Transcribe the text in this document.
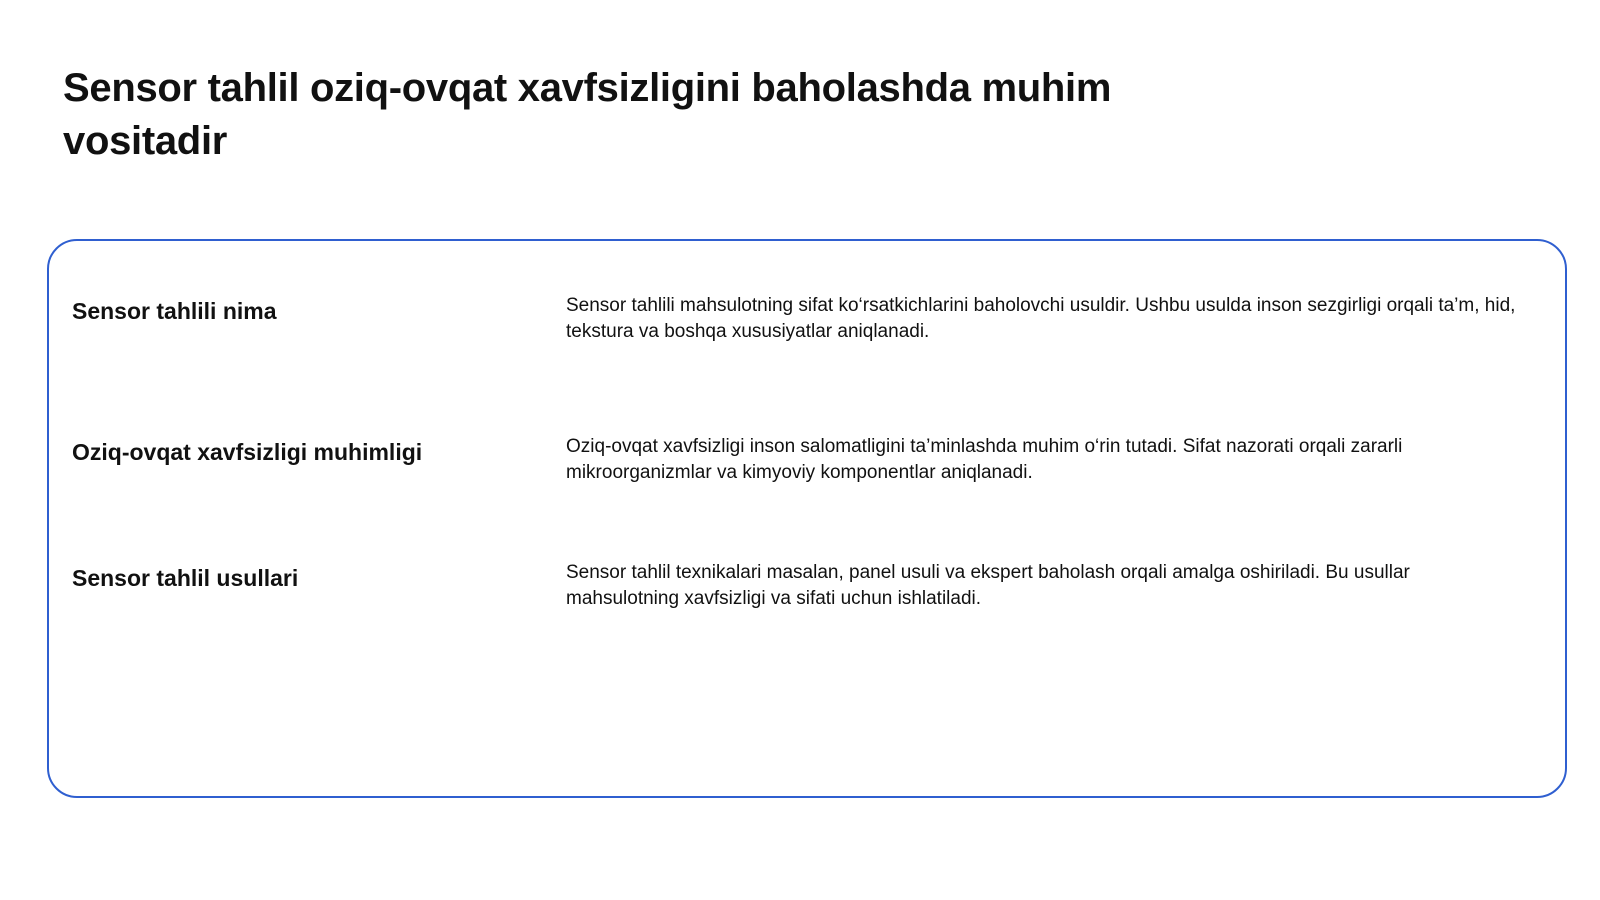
Sensor tahlil oziq-ovqat xavfsizligini baholashda muhim vositadir
Sensor tahlili nima	Sensor tahlili mahsulotning sifat ko‘rsatkichlarini baholovchi usuldir. Ushbu usulda inson sezgirligi orqali ta’m, hid, tekstura va boshqa xususiyatlar aniqlanadi.

Oziq-ovqat xavfsizligi muhimligi	Oziq-ovqat xavfsizligi inson salomatligini ta’minlashda muhim o‘rin tutadi. Sifat nazorati orqali zararli mikroorganizmlar va kimyoviy komponentlar aniqlanadi.

Sensor tahlil usullari	Sensor tahlil texnikalari masalan, panel usuli va ekspert baholash orqali amalga oshiriladi. Bu usullar mahsulotning xavfsizligi va sifati uchun ishlatiladi.
